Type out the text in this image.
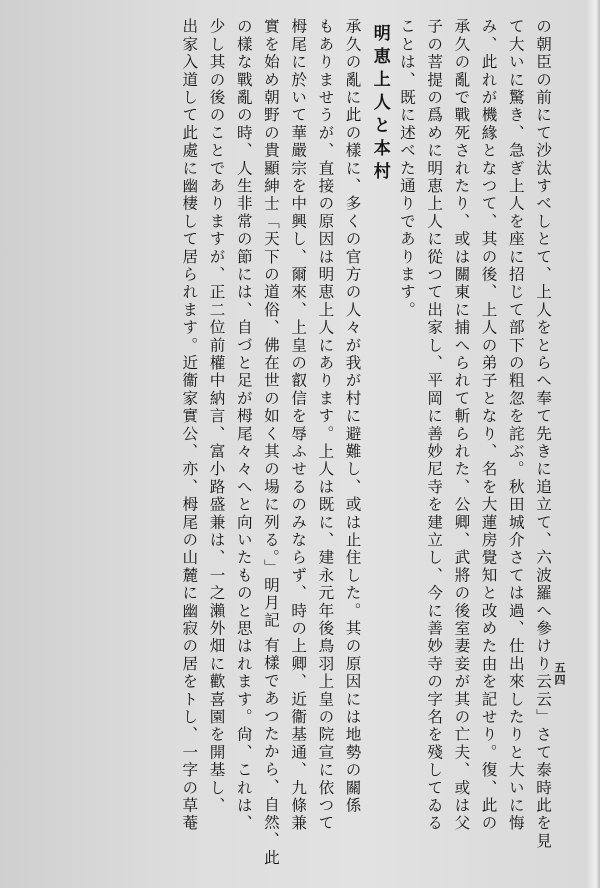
五四
の朝臣の前にて沙汰すべしとて、上人をとらへ奉て先きに追立て、六波羅へ參けり云云」さて泰時此を見
て大いに驚き、急ぎ上人を座に招じて部下の粗忽を詫ぶ。秋田城介さては過、仕出來したりと大いに悔
み、此れが機緣となつて、其の後、上人の弟子となり、名を大蓮房覺知と改めた由を記せり。復、此の
承久の亂で戰死されたり、或は關東に捕へられて斬られた、公卿、武將の後室妻妾が其の亡夫、或は父
子の菩提の爲めに明恵上人に從つて出家し、平岡に善妙尼寺を建立し、今に善妙寺の字名を殘してゐる
ことは、既に述べた通りであります。
明恵上人と本村
承久の亂に此の樣に、多くの官方の人々が我が村に避難し、或は止住した。其の原因には地勢の關係
もありませうが、直接の原因は明恵上人にあります。上人は既に、建永元年後鳥羽上皇の院宣に依つて
栂尾に於いて華嚴宗を中興し、爾來、上皇の叡信を辱ふせるのみならず、時の上卿、近衞基通、九條兼
實を始め朝野の貴顯紳士「天下の道俗、佛在世の如く其の場に列る。」明月記 有樣であつたから、自然、此
の樣な戰亂の時、人生非常の節には、自づと足が栂尾々々へと向いたものと思はれます。尙、これは、
少し其の後のことでありますが、正二位前權中納言、富小路盛兼は、一之瀨外畑に歡喜園を開基し、
出家入道して此處に幽棲して居られます。近衞家實公、亦、栂尾の山麓に幽寂の居をトし、一字の草菴
